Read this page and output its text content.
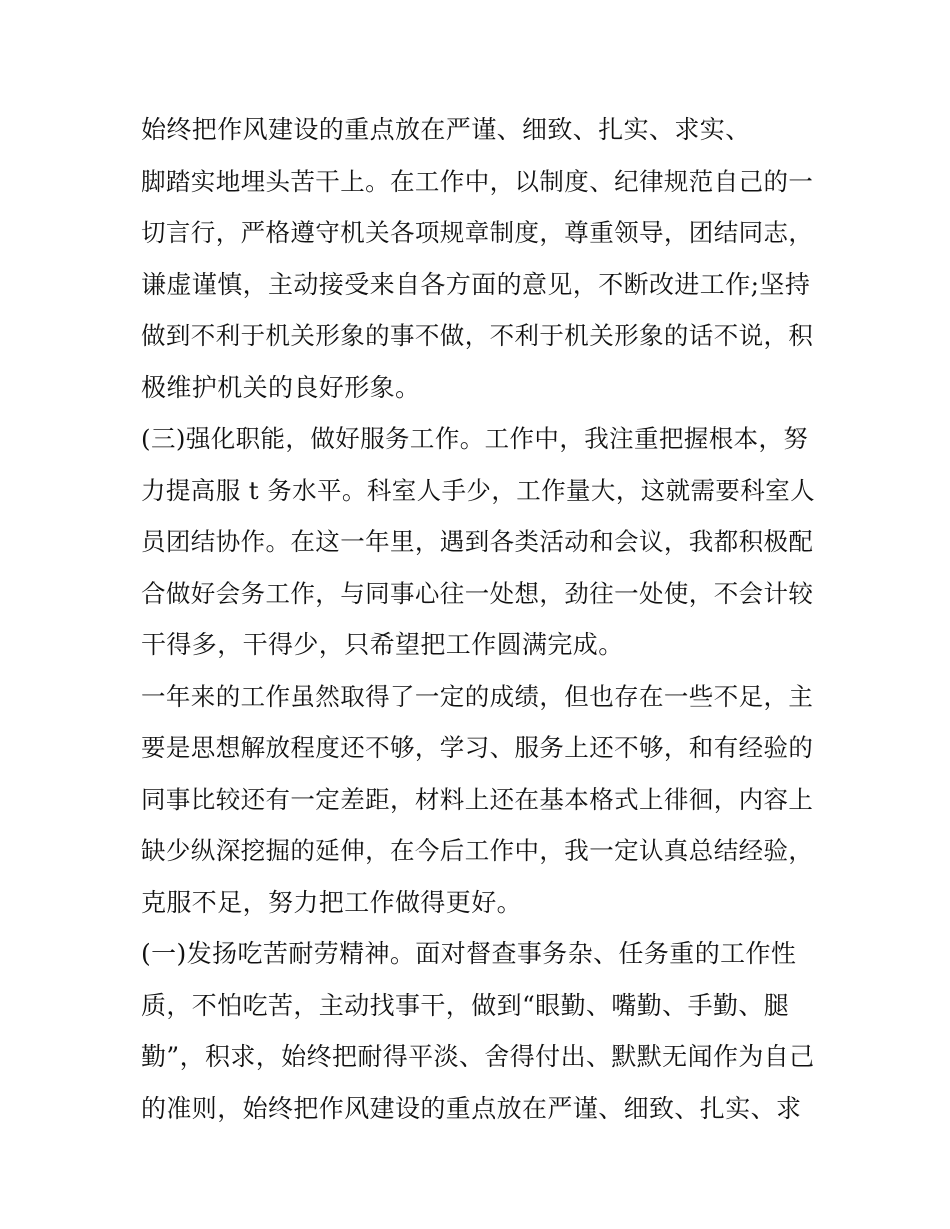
始终把作风建设的重点放在严谨、细致、扎实、求实、
脚踏实地埋头苦干上。在工作中，以制度、纪律规范自己的一
切言行，严格遵守机关各项规章制度，尊重领导，团结同志，
谦虚谨慎，主动接受来自各方面的意见，不断改进工作;坚持
做到不利于机关形象的事不做，不利于机关形象的话不说，积
极维护机关的良好形象。
(三)强化职能，做好服务工作。工作中，我注重把握根本，努
力提高服 t 务水平。科室人手少，工作量大，这就需要科室人
员团结协作。在这一年里，遇到各类活动和会议，我都积极配
合做好会务工作，与同事心往一处想，劲往一处使，不会计较
干得多，干得少，只希望把工作圆满完成。
一年来的工作虽然取得了一定的成绩，但也存在一些不足，主
要是思想解放程度还不够，学习、服务上还不够，和有经验的
同事比较还有一定差距，材料上还在基本格式上徘徊，内容上
缺少纵深挖掘的延伸，在今后工作中，我一定认真总结经验，
克服不足，努力把工作做得更好。
(一)发扬吃苦耐劳精神。面对督查事务杂、任务重的工作性
质，不怕吃苦，主动找事干，做到“眼勤、嘴勤、手勤、腿
勤”，积求，始终把耐得平淡、舍得付出、默默无闻作为自己
的准则，始终把作风建设的重点放在严谨、细致、扎实、求
